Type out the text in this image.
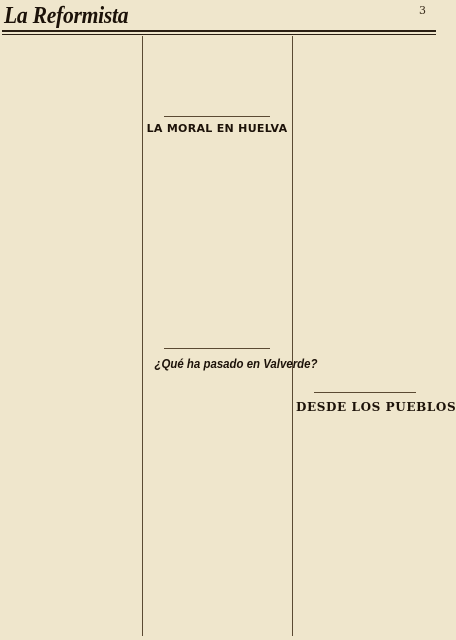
La Reformista	3
LA MORAL EN HUELVA
¿Qué ha pasado en Valverde?
DESDE LOS PUEBLOS
